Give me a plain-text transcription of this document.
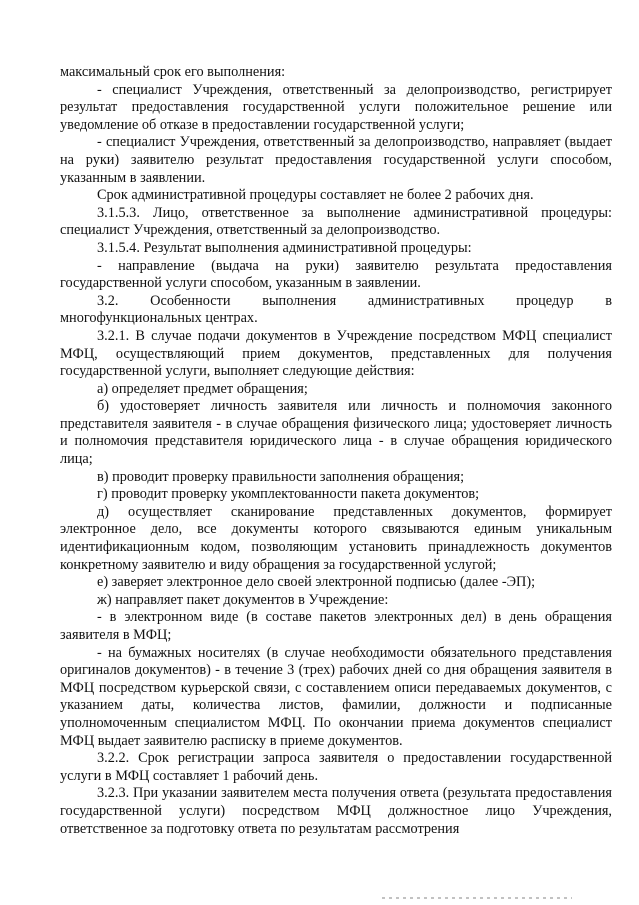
максимальный срок его выполнения:

- специалист Учреждения, ответственный за делопроизводство, регистрирует результат предоставления государственной услуги положительное решение или уведомление об отказе в предоставлении государственной услуги;

- специалист Учреждения, ответственный за делопроизводство, направляет (выдает на руки) заявителю результат предоставления государственной услуги способом, указанным в заявлении.

Срок административной процедуры составляет не более 2 рабочих дня.

3.1.5.3. Лицо, ответственное за выполнение административной процедуры: специалист Учреждения, ответственный за делопроизводство.

3.1.5.4. Результат выполнения административной процедуры:

- направление (выдача на руки) заявителю результата предоставления государственной услуги способом, указанным в заявлении.

3.2. Особенности выполнения административных процедур в многофункциональных центрах.

3.2.1. В случае подачи документов в Учреждение посредством МФЦ специалист МФЦ, осуществляющий прием документов, представленных для получения государственной услуги, выполняет следующие действия:

а) определяет предмет обращения;

б) удостоверяет личность заявителя или личность и полномочия законного представителя заявителя - в случае обращения физического лица; удостоверяет личность и полномочия представителя юридического лица - в случае обращения юридического лица;

в) проводит проверку правильности заполнения обращения;

г) проводит проверку укомплектованности пакета документов;

д) осуществляет сканирование представленных документов, формирует электронное дело, все документы которого связываются единым уникальным идентификационным кодом, позволяющим установить принадлежность документов конкретному заявителю и виду обращения за государственной услугой;

е) заверяет электронное дело своей электронной подписью (далее -ЭП);

ж) направляет пакет документов в Учреждение:

- в электронном виде (в составе пакетов электронных дел) в день обращения заявителя в МФЦ;

- на бумажных носителях (в случае необходимости обязательного представления оригиналов документов) - в течение 3 (трех) рабочих дней со дня обращения заявителя в МФЦ посредством курьерской связи, с составлением описи передаваемых документов, с указанием даты, количества листов, фамилии, должности и подписанные уполномоченным специалистом МФЦ. По окончании приема документов специалист МФЦ выдает заявителю расписку в приеме документов.

3.2.2. Срок регистрации запроса заявителя о предоставлении государственной услуги в МФЦ составляет 1 рабочий день.

3.2.3. При указании заявителем места получения ответа (результата предоставления государственной услуги) посредством МФЦ должностное лицо Учреждения, ответственное за подготовку ответа по результатам рассмотрения
